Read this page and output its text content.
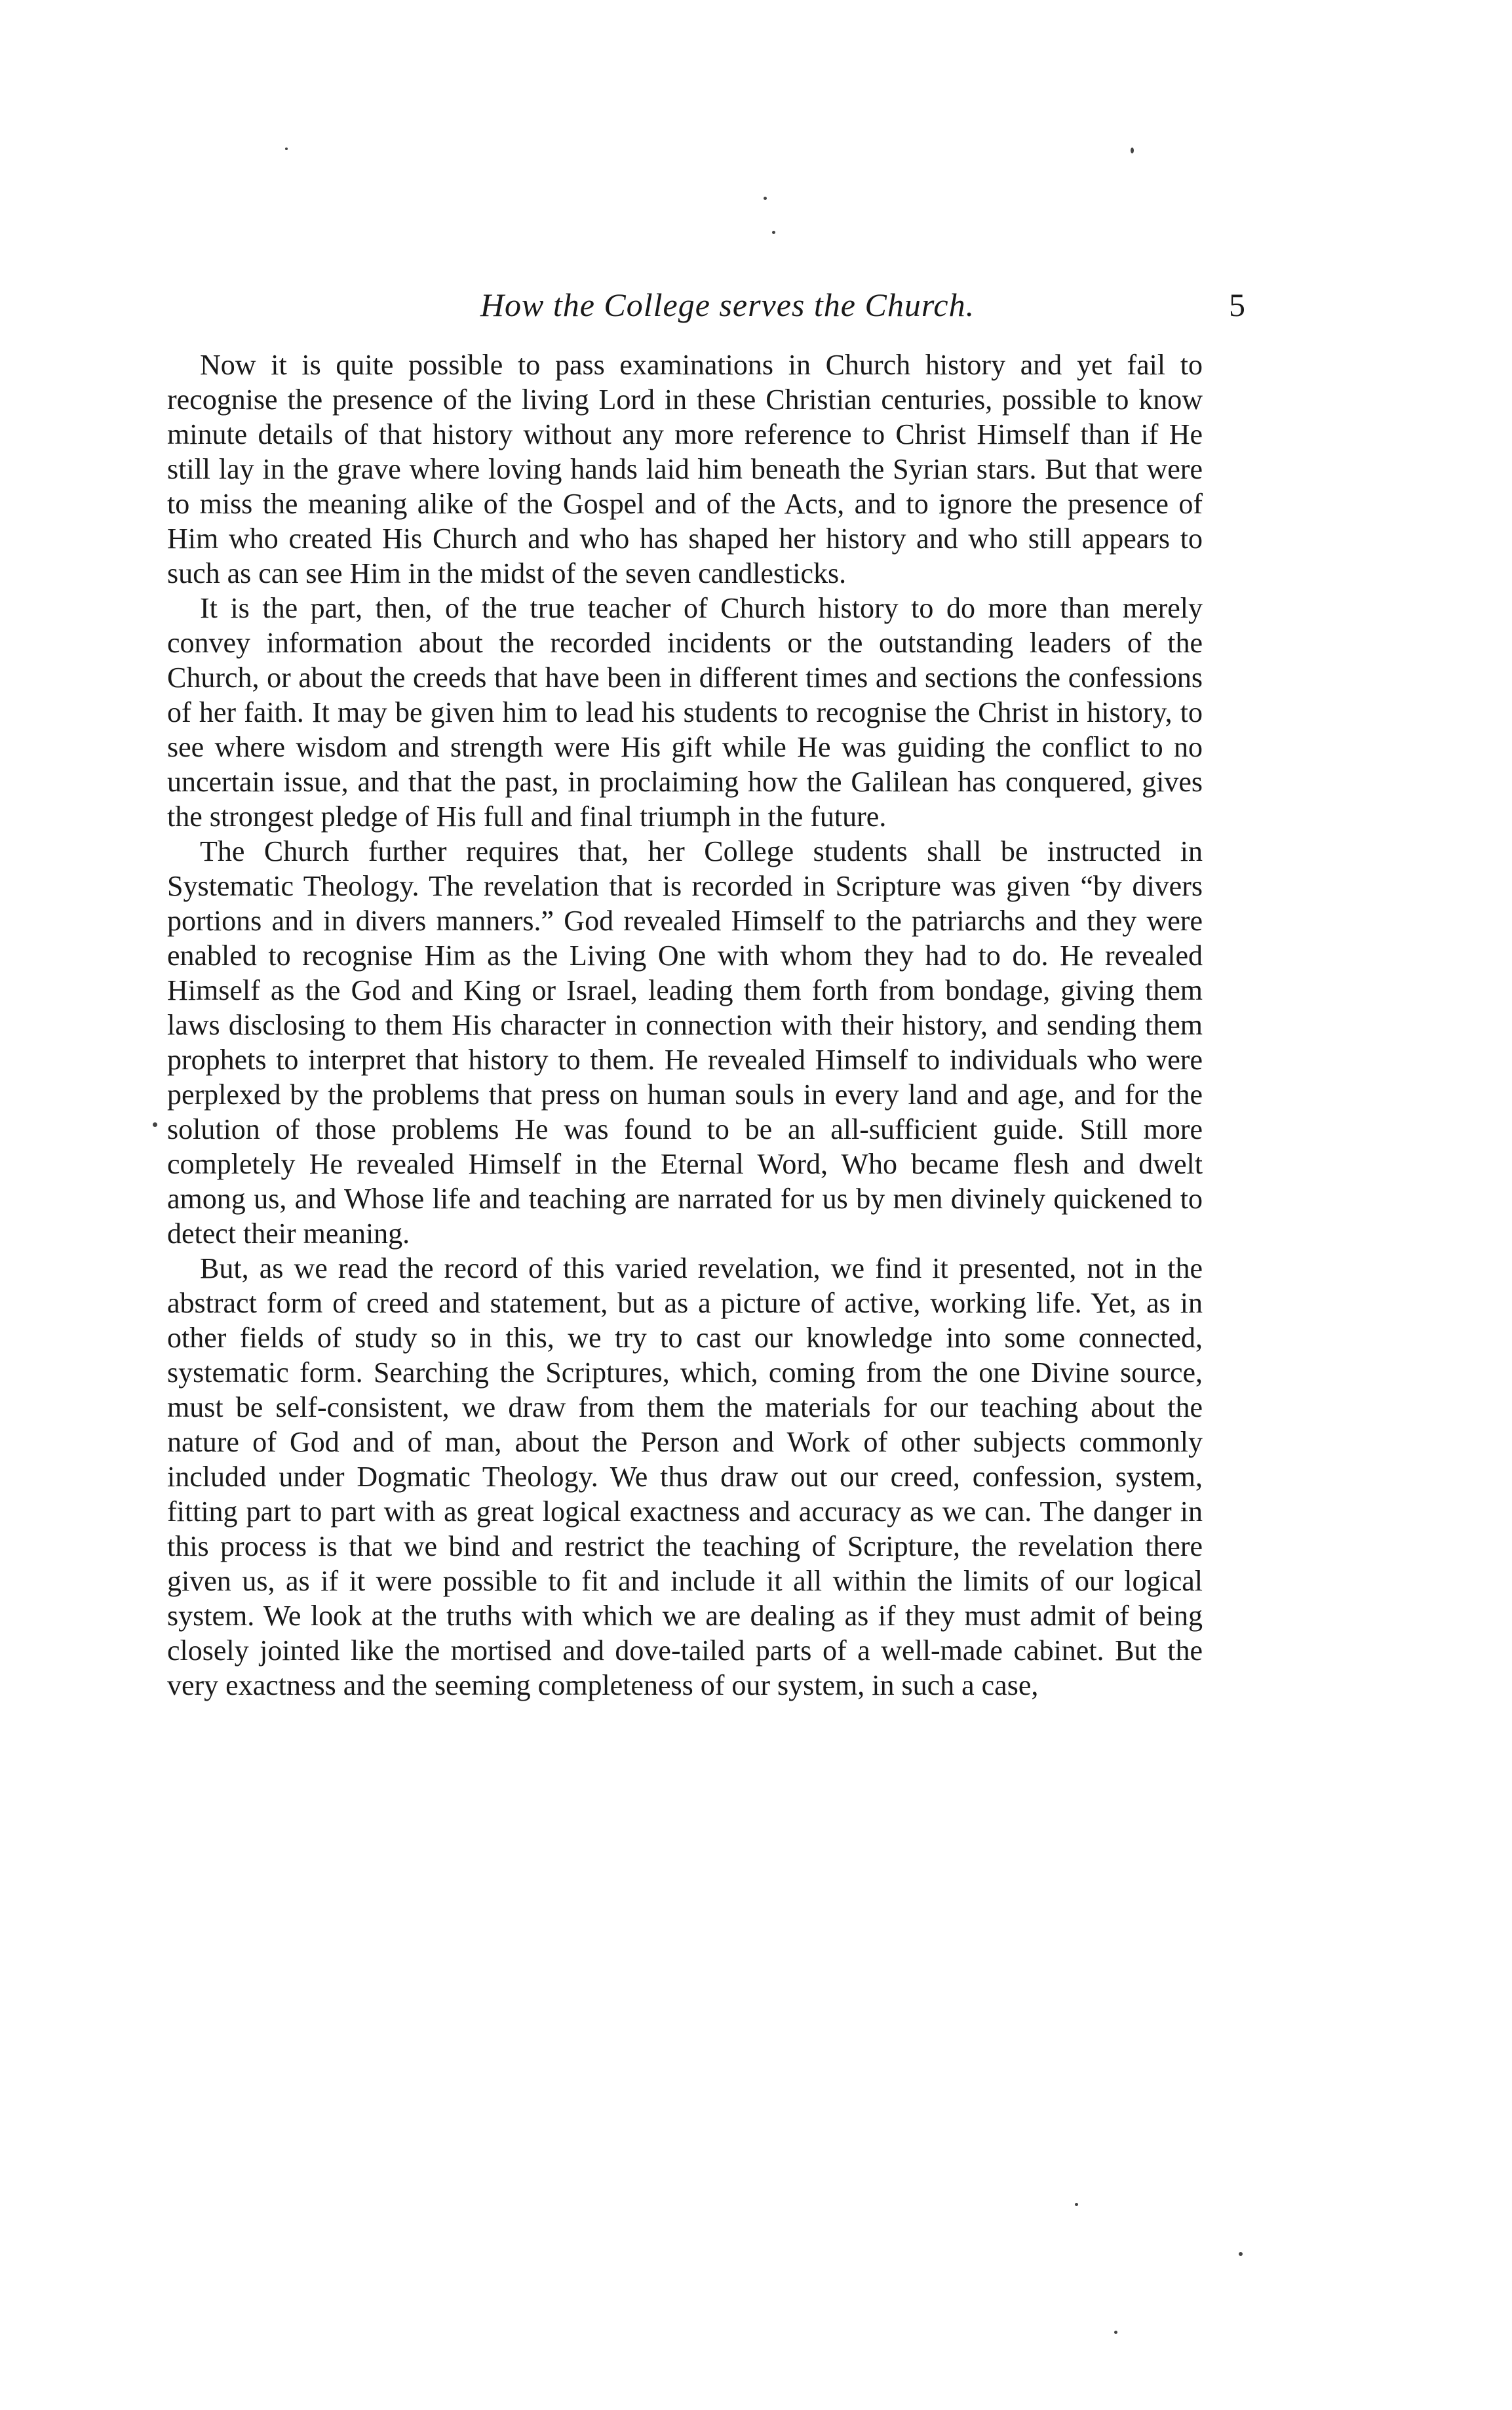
How the College serves the Church.	5

Now it is quite possible to pass examinations in Church history and yet fail to recognise the presence of the living Lord in these Christian centuries, possible to know minute details of that history without any more reference to Christ Himself than if He still lay in the grave where loving hands laid him beneath the Syrian stars. But that were to miss the meaning alike of the Gospel and of the Acts, and to ignore the presence of Him who created His Church and who has shaped her history and who still appears to such as can see Him in the midst of the seven candlesticks.

It is the part, then, of the true teacher of Church history to do more than merely convey information about the recorded incidents or the outstanding leaders of the Church, or about the creeds that have been in different times and sections the confessions of her faith. It may be given him to lead his students to recognise the Christ in history, to see where wisdom and strength were His gift while He was guiding the conflict to no uncertain issue, and that the past, in proclaiming how the Galilean has conquered, gives the strongest pledge of His full and final triumph in the future.

The Church further requires that, her College students shall be instructed in Systematic Theology. The revelation that is recorded in Scripture was given “by divers portions and in divers manners.” God revealed Himself to the patriarchs and they were enabled to recognise Him as the Living One with whom they had to do. He revealed Himself as the God and King or Israel, leading them forth from bondage, giving them laws disclosing to them His character in connection with their history, and sending them prophets to interpret that history to them. He revealed Himself to individuals who were perplexed by the problems that press on human souls in every land and age, and for the solution of those problems He was found to be an all-sufficient guide. Still more completely He revealed Himself in the Eternal Word, Who became flesh and dwelt among us, and Whose life and teaching are narrated for us by men divinely quickened to detect their meaning.

But, as we read the record of this varied revelation, we find it presented, not in the abstract form of creed and statement, but as a picture of active, working life. Yet, as in other fields of study so in this, we try to cast our knowledge into some connected, systematic form. Searching the Scriptures, which, coming from the one Divine source, must be self-consistent, we draw from them the materials for our teaching about the nature of God and of man, about the Person and Work of other subjects commonly included under Dogmatic Theology. We thus draw out our creed, confession, system, fitting part to part with as great logical exactness and accuracy as we can. The danger in this process is that we bind and restrict the teaching of Scripture, the revelation there given us, as if it were possible to fit and include it all within the limits of our logical system. We look at the truths with which we are dealing as if they must admit of being closely jointed like the mortised and dove-tailed parts of a well-made cabinet. But the very exactness and the seeming completeness of our system, in such a case,
